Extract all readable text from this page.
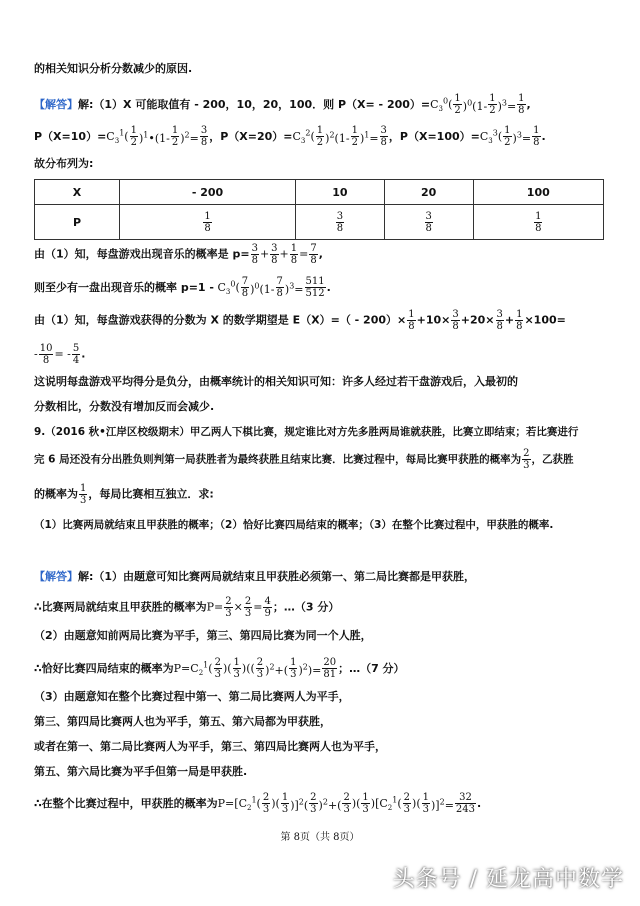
的相关知识分析分数减少的原因.
【解答】解:（1）X 可能取值有 - 200，10，20，100．则 $P(X= - 200)=C_3^0( \frac{1}{2} )^0(1- \frac{1}{2} )^3= \frac{1}{8}$ ,
$P(X=10)=C_3^1( \frac{1}{2}$ )$^1•(1- \frac{1}{2} )^2= \frac{3}{8}$ ，$P(X=20)=C_3^2( \frac{1}{2} )^2(1- \frac{1}{2} )^1= \frac{3}{8}$ ，$P(X=100)=C_3^3( \frac{1}{2} )^3= \frac{1}{8}$ .
故分布列为:
X	- 200	10	20	100
P	$\frac{1}{8}$	$\frac{3}{8}$	$\frac{3}{8}$	$\frac{1}{8}$
由（1）知，每盘游戏出现音乐的概率是 $p= \frac{3}{8} + \frac{3}{8} + \frac{1}{8} = \frac{7}{8}$ ,
则至少有一盘出现音乐的概率 $p=1 - C_3^0( \frac{7}{8} )^0(1- \frac{7}{8} )^3= \frac{511}{512}$ .
由（1）知，每盘游戏获得的分数为 X 的数学期望是 $E(X)=( - 200)\times \frac{1}{8} +10\times \frac{3}{8} +20\times \frac{3}{8} + \frac{1}{8} \times 100=$
- $\frac{10}{8}$ = - $\frac{5}{4}$ .
这说明每盘游戏平均得分是负分，由概率统计的相关知识可知：许多人经过若干盘游戏后，入最初的
分数相比，分数没有增加反而会减少.
9.（2016 秋•江岸区校级期末）甲乙两人下棋比赛，规定谁比对方先多胜两局谁就获胜，比赛立即结束；若比赛进行
完 6 局还没有分出胜负则判第一局获胜者为最终获胜且结束比赛．比赛过程中，每局比赛甲获胜的概率为 $\frac{2}{3}$ ，乙获胜
的概率为 $\frac{1}{3}$ ，每局比赛相互独立．求:
（1）比赛两局就结束且甲获胜的概率；（2）恰好比赛四局结束的概率；（3）在整个比赛过程中，甲获胜的概率.
【解答】解:（1）由题意可知比赛两局就结束且甲获胜必须第一、第二局比赛都是甲获胜，
∴比赛两局就结束且甲获胜的概率为$P= \frac{2}{3} \times \frac{2}{3} = \frac{4}{9}$ ；…（3 分）
（2）由题意知前两局比赛为平手，第三、第四局比赛为同一个人胜，
∴恰好比赛四局结束的概率为$P=C_2^1( \frac{2}{3}$ )( $\frac{1}{3}$ )(( $\frac{2}{3} )^2+( \frac{1}{3} )^2)= \frac{20}{81}$ ；…（7 分）
（3）由题意知在整个比赛过程中第一、第二局比赛两人为平手，
第三、第四局比赛两人也为平手，第五、第六局都为甲获胜，
或者在第一、第二局比赛两人为平手，第三、第四局比赛两人也为平手，
第五、第六局比赛为平手但第一局是甲获胜.
∴在整个比赛过程中，甲获胜的概率为$P=[C_2^1( \frac{2}{3}$ )( $\frac{1}{3} )]^2( \frac{2}{3} )^2+( \frac{2}{3}$ )( $\frac{1}{3} )[C_2^1( \frac{2}{3}$ )( $\frac{1}{3} )]^2= \frac{32}{243}$ .
第 8页（共 8页）
头条号 / 延龙高中数学
